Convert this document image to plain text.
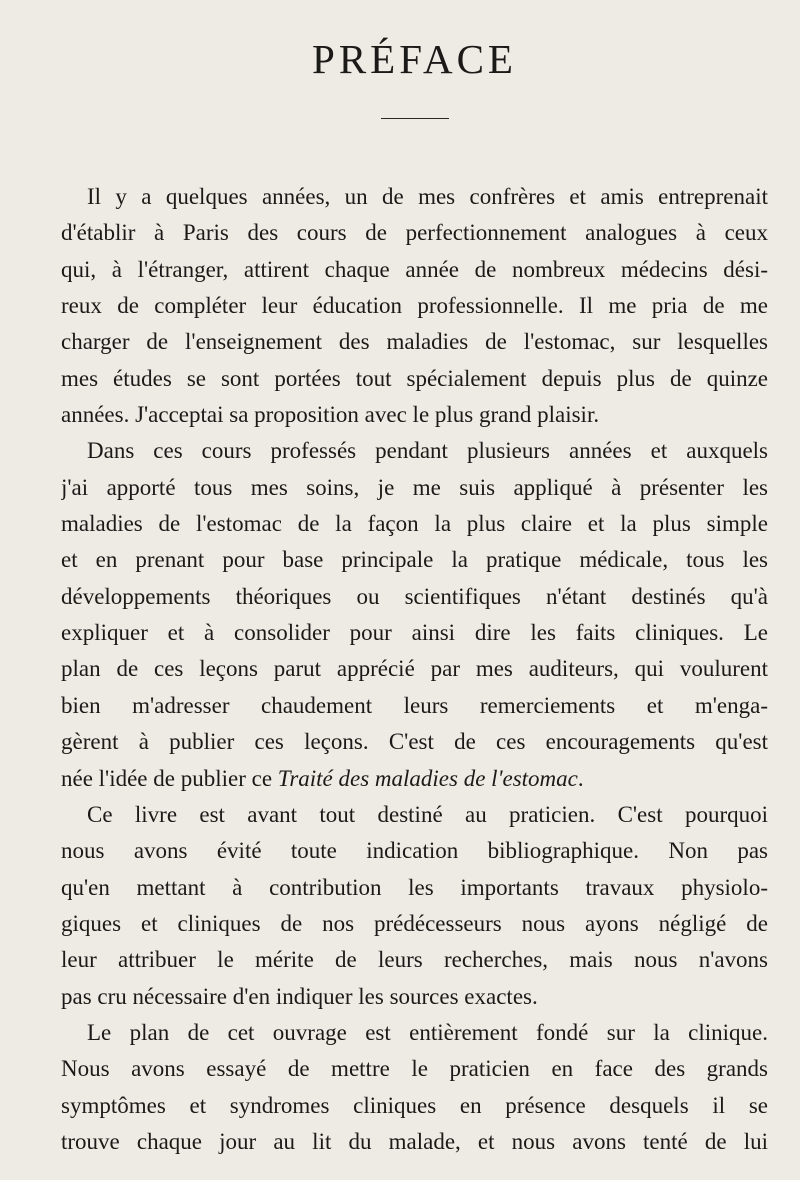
PRÉFACE

Il y a quelques années, un de mes confrères et amis entreprenait
d'établir à Paris des cours de perfectionnement analogues à ceux
qui, à l'étranger, attirent chaque année de nombreux médecins dési-
reux de compléter leur éducation professionnelle. Il me pria de me
charger de l'enseignement des maladies de l'estomac, sur lesquelles
mes études se sont portées tout spécialement depuis plus de quinze
années. J'acceptai sa proposition avec le plus grand plaisir.

Dans ces cours professés pendant plusieurs années et auxquels
j'ai apporté tous mes soins, je me suis appliqué à présenter les
maladies de l'estomac de la façon la plus claire et la plus simple
et en prenant pour base principale la pratique médicale, tous les
développements théoriques ou scientifiques n'étant destinés qu'à
expliquer et à consolider pour ainsi dire les faits cliniques. Le
plan de ces leçons parut apprécié par mes auditeurs, qui voulurent
bien m'adresser chaudement leurs remerciements et m'enga-
gèrent à publier ces leçons. C'est de ces encouragements qu'est
née l'idée de publier ce Traité des maladies de l'estomac.

Ce livre est avant tout destiné au praticien. C'est pourquoi
nous avons évité toute indication bibliographique. Non pas
qu'en mettant à contribution les importants travaux physiolo-
giques et cliniques de nos prédécesseurs nous ayons négligé de
leur attribuer le mérite de leurs recherches, mais nous n'avons
pas cru nécessaire d'en indiquer les sources exactes.

Le plan de cet ouvrage est entièrement fondé sur la clinique.
Nous avons essayé de mettre le praticien en face des grands
symptômes et syndromes cliniques en présence desquels il se
trouve chaque jour au lit du malade, et nous avons tenté de lui
